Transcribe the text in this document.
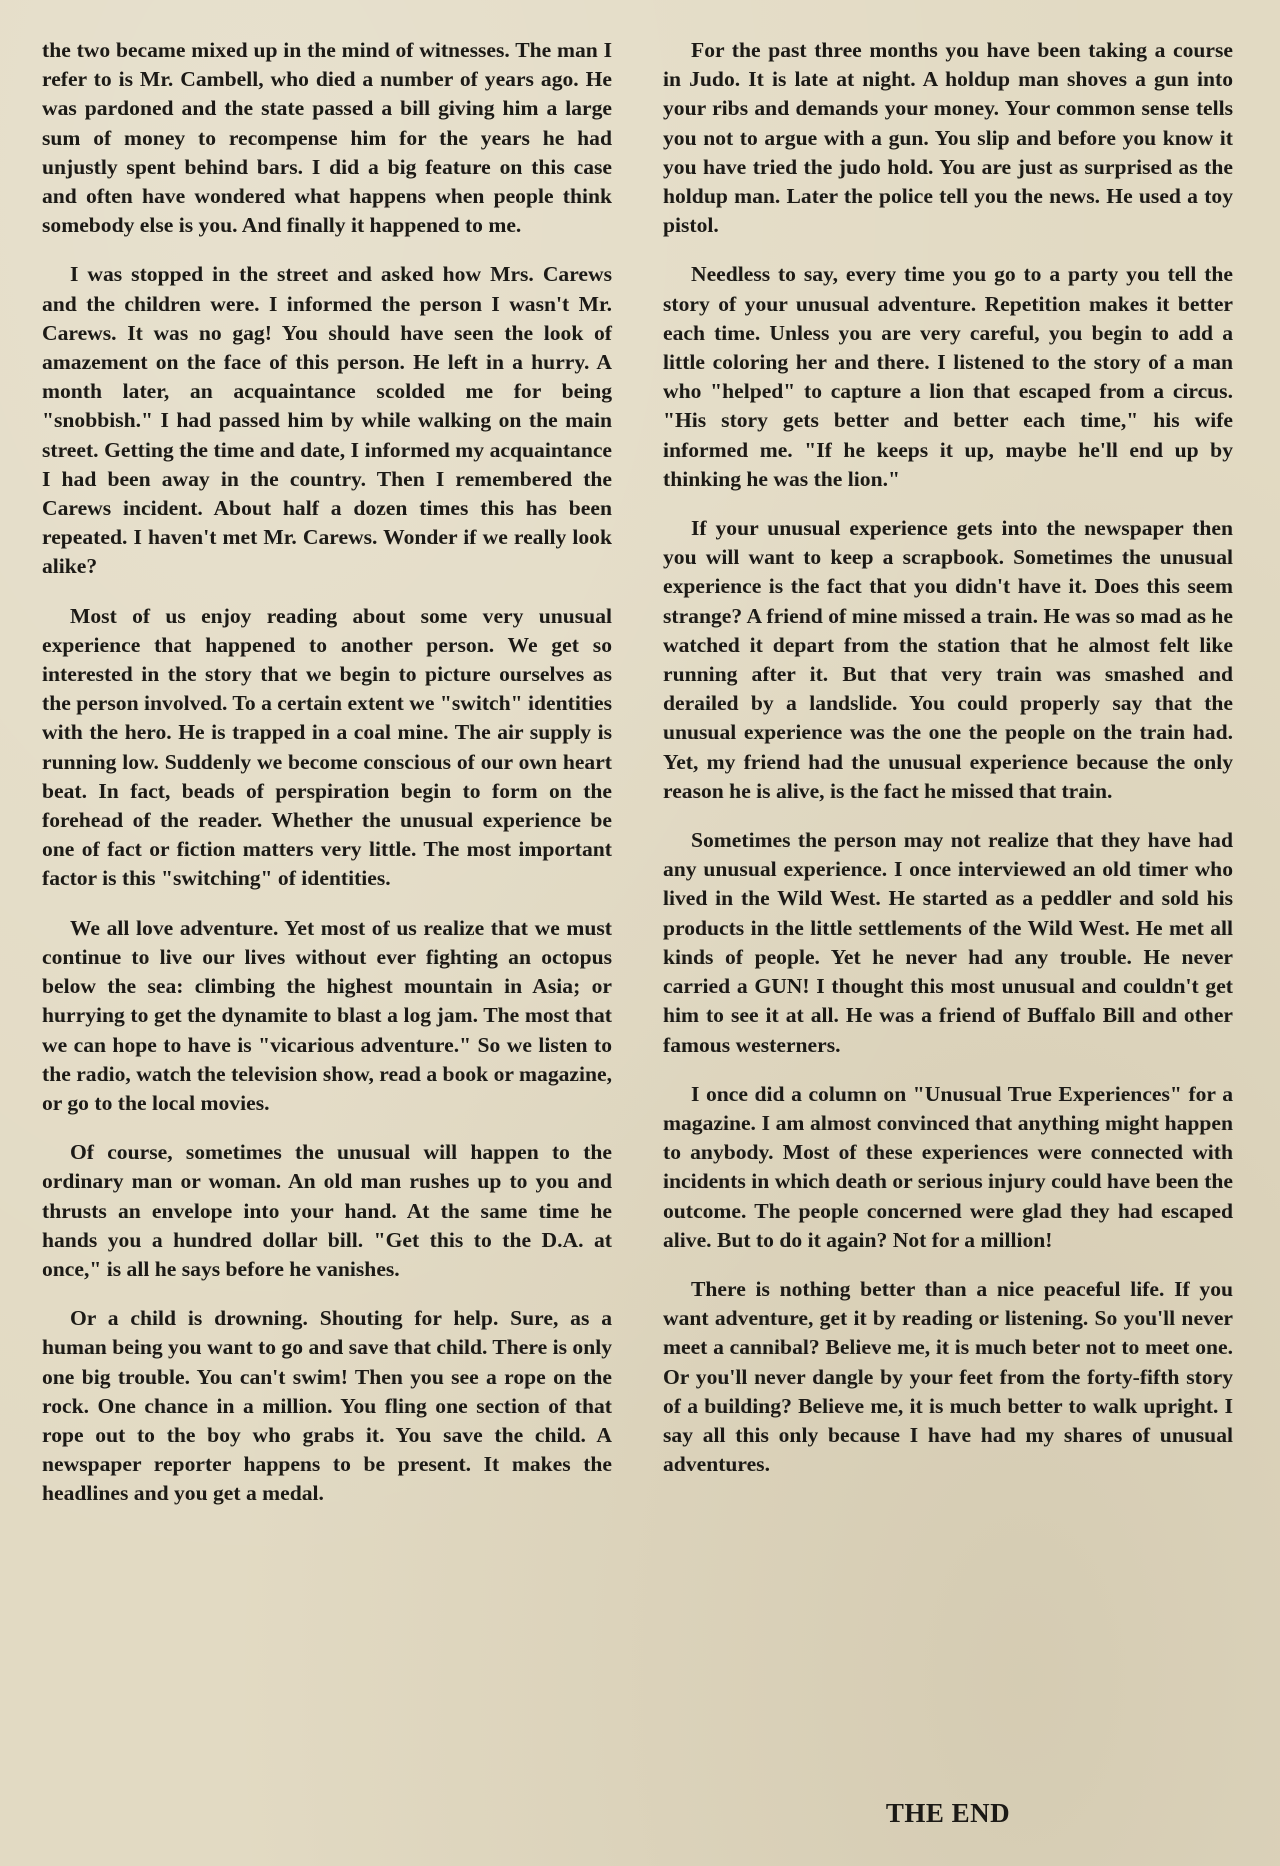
the two became mixed up in the mind of witnesses. The man I refer to is Mr. Cambell, who died a number of years ago. He was pardoned and the state passed a bill giving him a large sum of money to recompense him for the years he had unjustly spent behind bars. I did a big feature on this case and often have wondered what happens when people think somebody else is you. And finally it happened to me.

I was stopped in the street and asked how Mrs. Carews and the children were. I informed the person I wasn't Mr. Carews. It was no gag! You should have seen the look of amazement on the face of this person. He left in a hurry. A month later, an acquaintance scolded me for being "snobbish." I had passed him by while walking on the main street. Getting the time and date, I informed my acquaintance I had been away in the country. Then I remembered the Carews incident. About half a dozen times this has been repeated. I haven't met Mr. Carews. Wonder if we really look alike?

Most of us enjoy reading about some very unusual experience that happened to another person. We get so interested in the story that we begin to picture ourselves as the person involved. To a certain extent we "switch" identities with the hero. He is trapped in a coal mine. The air supply is running low. Suddenly we become conscious of our own heart beat. In fact, beads of perspiration begin to form on the forehead of the reader. Whether the unusual experience be one of fact or fiction matters very little. The most important factor is this "switching" of identities.

We all love adventure. Yet most of us realize that we must continue to live our lives without ever fighting an octopus below the sea: climbing the highest mountain in Asia; or hurrying to get the dynamite to blast a log jam. The most that we can hope to have is "vicarious adventure." So we listen to the radio, watch the television show, read a book or magazine, or go to the local movies.

Of course, sometimes the unusual will happen to the ordinary man or woman. An old man rushes up to you and thrusts an envelope into your hand. At the same time he hands you a hundred dollar bill. "Get this to the D.A. at once," is all he says before he vanishes.

Or a child is drowning. Shouting for help. Sure, as a human being you want to go and save that child. There is only one big trouble. You can't swim! Then you see a rope on the rock. One chance in a million. You fling one section of that rope out to the boy who grabs it. You save the child. A newspaper reporter happens to be present. It makes the headlines and you get a medal.

For the past three months you have been taking a course in Judo. It is late at night. A holdup man shoves a gun into your ribs and demands your money. Your common sense tells you not to argue with a gun. You slip and before you know it you have tried the judo hold. You are just as surprised as the holdup man. Later the police tell you the news. He used a toy pistol.

Needless to say, every time you go to a party you tell the story of your unusual adventure. Repetition makes it better each time. Unless you are very careful, you begin to add a little coloring her and there. I listened to the story of a man who "helped" to capture a lion that escaped from a circus. "His story gets better and better each time," his wife informed me. "If he keeps it up, maybe he'll end up by thinking he was the lion."

If your unusual experience gets into the newspaper then you will want to keep a scrapbook. Sometimes the unusual experience is the fact that you didn't have it. Does this seem strange? A friend of mine missed a train. He was so mad as he watched it depart from the station that he almost felt like running after it. But that very train was smashed and derailed by a landslide. You could properly say that the unusual experience was the one the people on the train had. Yet, my friend had the unusual experience because the only reason he is alive, is the fact he missed that train.

Sometimes the person may not realize that they have had any unusual experience. I once interviewed an old timer who lived in the Wild West. He started as a peddler and sold his products in the little settlements of the Wild West. He met all kinds of people. Yet he never had any trouble. He never carried a GUN! I thought this most unusual and couldn't get him to see it at all. He was a friend of Buffalo Bill and other famous westerners.

I once did a column on "Unusual True Experiences" for a magazine. I am almost convinced that anything might happen to anybody. Most of these experiences were connected with incidents in which death or serious injury could have been the outcome. The people concerned were glad they had escaped alive. But to do it again? Not for a million!

There is nothing better than a nice peaceful life. If you want adventure, get it by reading or listening. So you'll never meet a cannibal? Believe me, it is much beter not to meet one. Or you'll never dangle by your feet from the forty-fifth story of a building? Believe me, it is much better to walk upright. I say all this only because I have had my shares of unusual adventures.

THE END
